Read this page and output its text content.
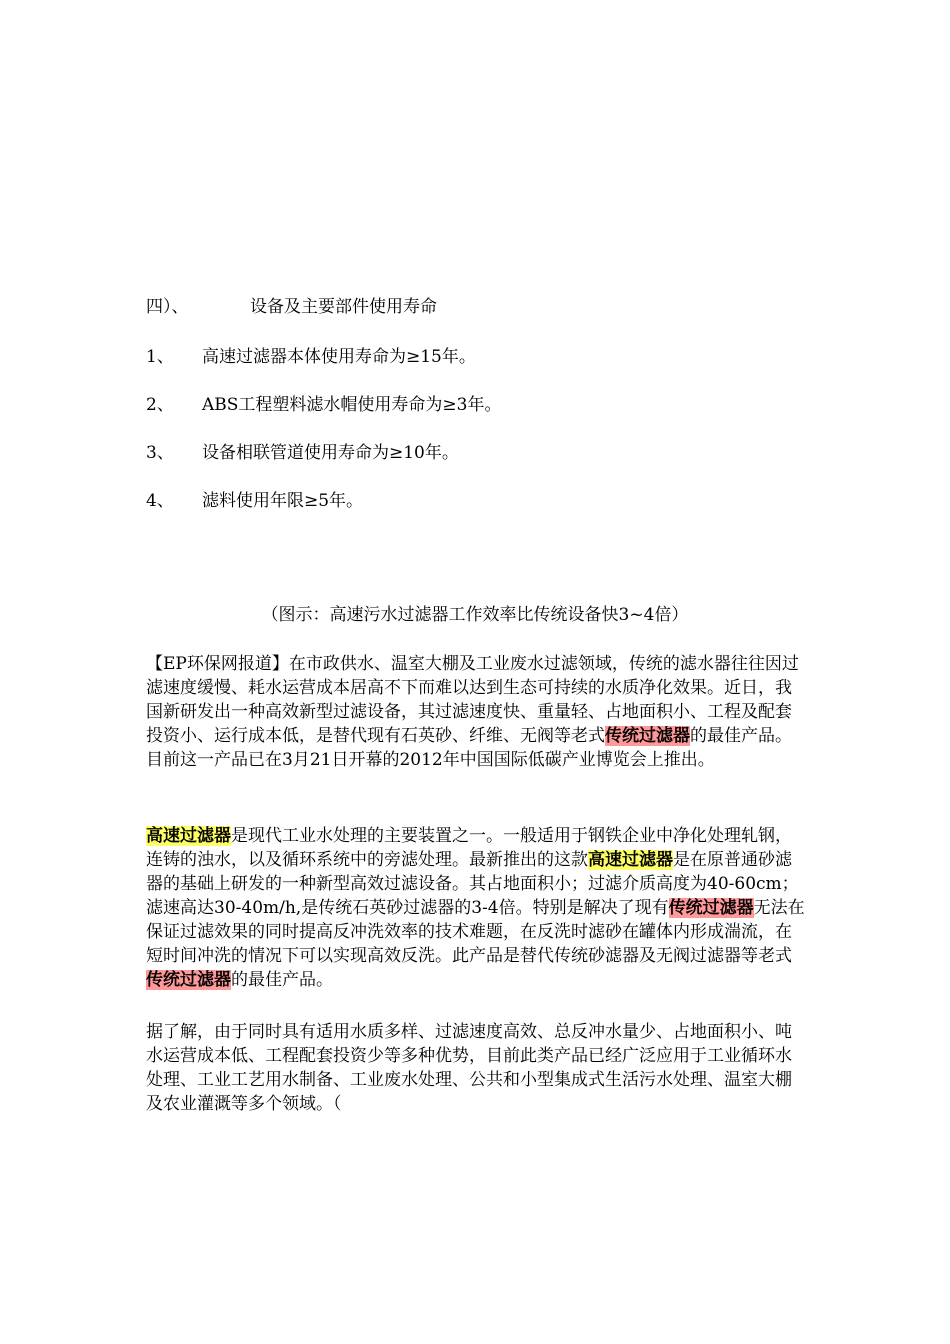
四）、	设备及主要部件使用寿命
1、 高速过滤器本体使用寿命为≥15年。
2、 ABS工程塑料滤水帽使用寿命为≥3年。
3、 设备相联管道使用寿命为≥10年。
4、 滤料使用年限≥5年。
（图示：高速污水过滤器工作效率比传统设备快3~4倍）

【EP环保网报道】在市政供水、温室大棚及工业废水过滤领域，传统的滤水器往往因过滤速度缓慢、耗水运营成本居高不下而难以达到生态可持续的水质净化效果。近日，我国新研发出一种高效新型过滤设备，其过滤速度快、重量轻、占地面积小、工程及配套投资小、运行成本低，是替代现有石英砂、纤维、无阀等老式传统过滤器的最佳产品。目前这一产品已在3月21日开幕的2012年中国国际低碳产业博览会上推出。

高速过滤器是现代工业水处理的主要装置之一。一般适用于钢铁企业中净化处理轧钢，连铸的浊水，以及循环系统中的旁滤处理。最新推出的这款高速过滤器是在原普通砂滤器的基础上研发的一种新型高效过滤设备。其占地面积小；过滤介质高度为40-60cm；滤速高达30-40m/h,是传统石英砂过滤器的3-4倍。特别是解决了现有传统过滤器无法在保证过滤效果的同时提高反冲洗效率的技术难题，在反洗时滤砂在罐体内形成湍流，在短时间冲洗的情况下可以实现高效反洗。此产品是替代传统砂滤器及无阀过滤器等老式传统过滤器的最佳产品。

据了解，由于同时具有适用水质多样、过滤速度高效、总反冲水量少、占地面积小、吨水运营成本低、工程配套投资少等多种优势，目前此类产品已经广泛应用于工业循环水处理、工业工艺用水制备、工业废水处理、公共和小型集成式生活污水处理、温室大棚及农业灌溉等多个领域。（
